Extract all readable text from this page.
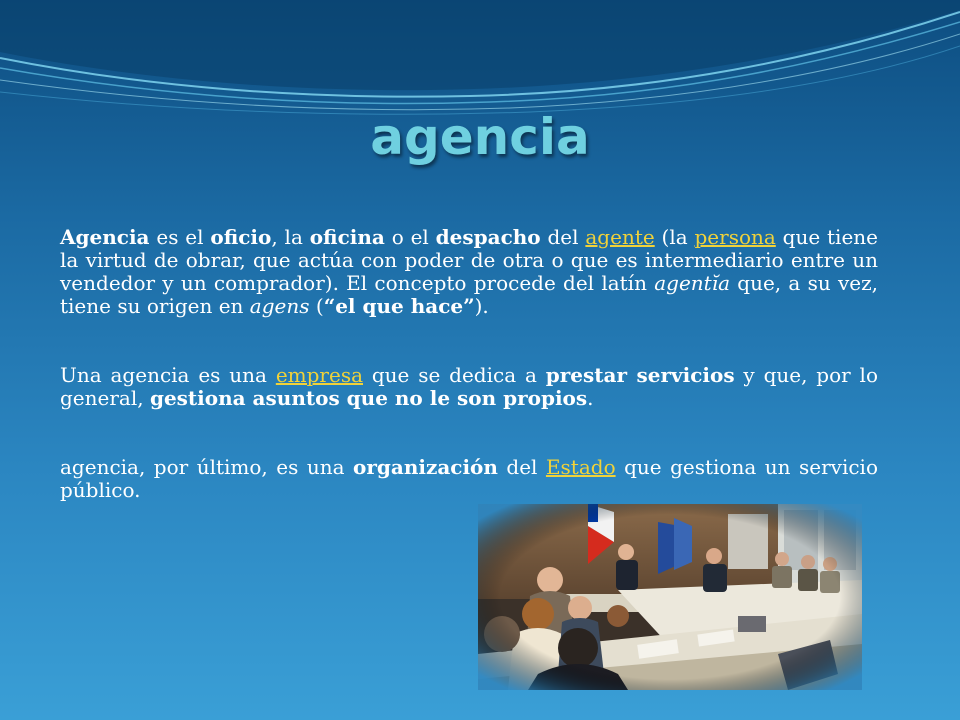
agencia

Agencia es el oficio, la oficina o el despacho del agente (la persona que tiene la virtud de obrar, que actúa con poder de otra o que es intermediario entre un vendedor y un comprador). El concepto procede del latín agentĭa que, a su vez, tiene su origen en agens (“el que hace”).

Una agencia es una empresa que se dedica a prestar servicios y que, por lo general, gestiona asuntos que no le son propios.

agencia, por último, es una organización del Estado que gestiona un servicio público.
